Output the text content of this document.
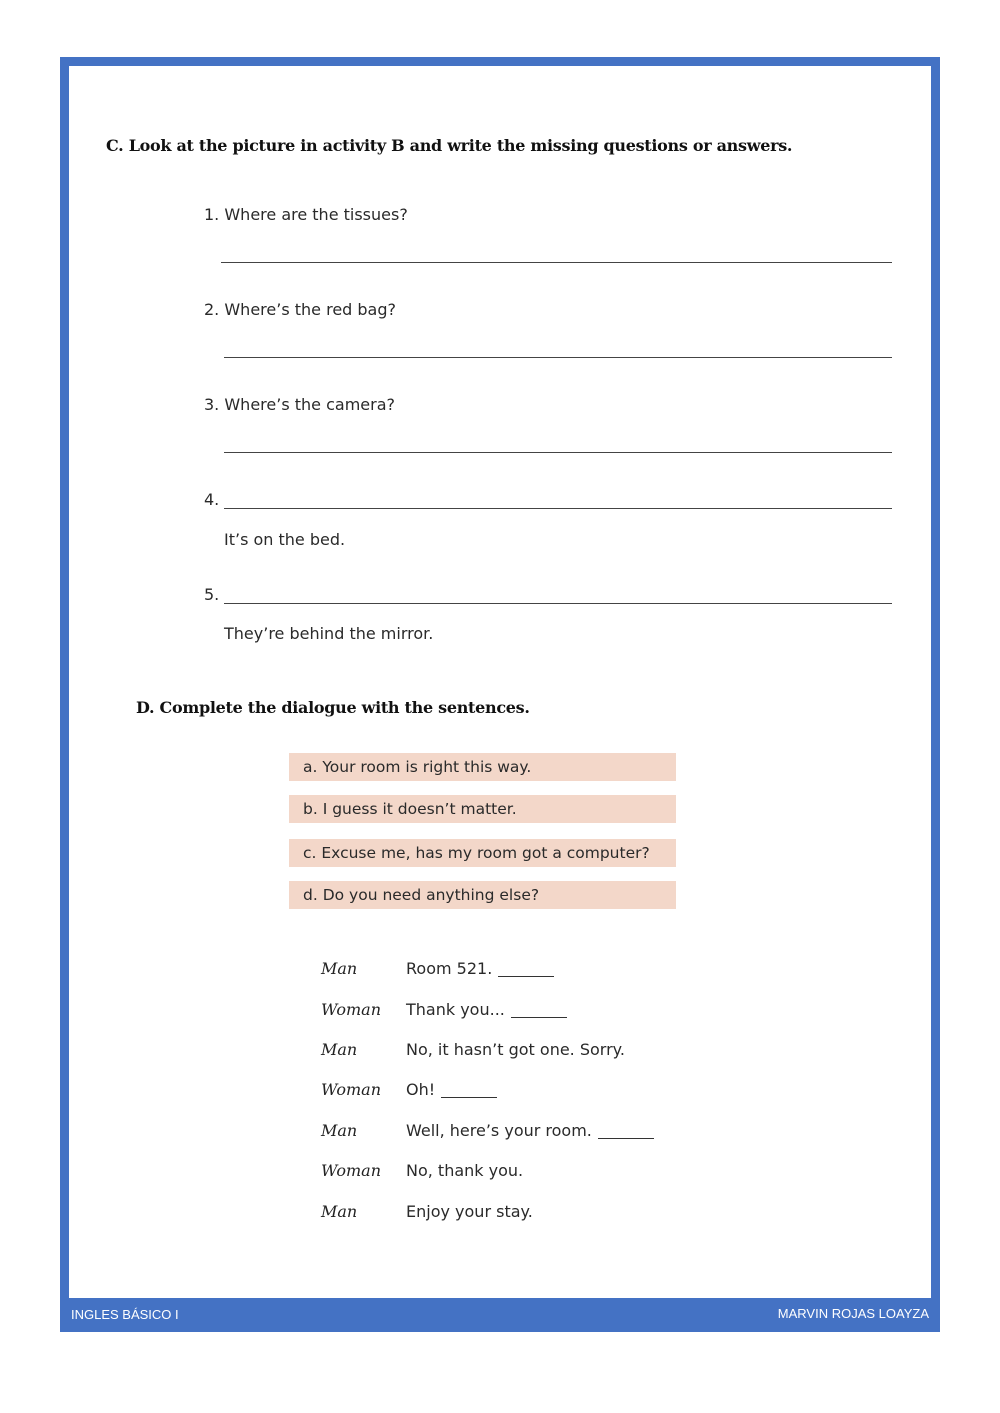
C. Look at the picture in activity B and write the missing questions or answers.
1. Where are the tissues?
2. Where’s the red bag?
3. Where’s the camera?
4.
It’s on the bed.
5.
They’re behind the mirror.
D. Complete the dialogue with the sentences.
a. Your room is right this way.
b. I guess it doesn’t matter.
c. Excuse me, has my room got a computer?
d. Do you need anything else?
Man	Room 521.
Woman Thank you...
Man	No, it hasn’t got one. Sorry.
Woman Oh!
Man	Well, here’s your room.
Woman No, thank you.
Man	Enjoy your stay.
INGLES BÁSICO I	MARVIN ROJAS LOAYZA
